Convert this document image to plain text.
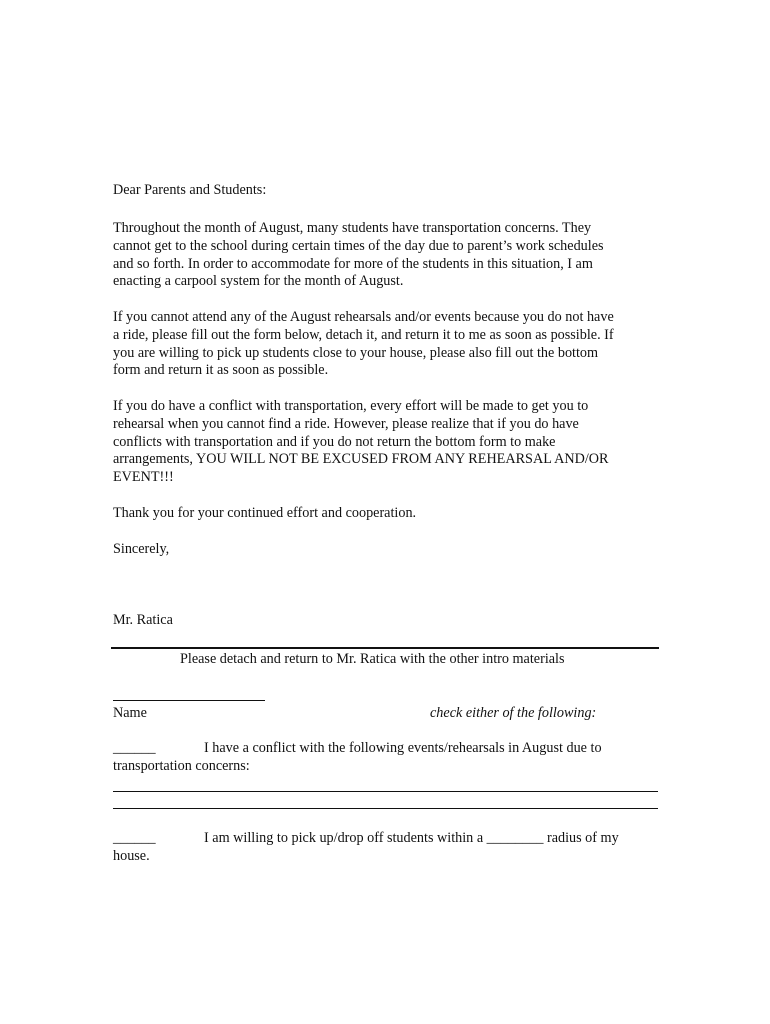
Dear Parents and Students:
Throughout the month of August, many students have transportation concerns. They
cannot get to the school during certain times of the day due to parent’s work schedules
and so forth. In order to accommodate for more of the students in this situation, I am
enacting a carpool system for the month of August.
If you cannot attend any of the August rehearsals and/or events because you do not have
a ride, please fill out the form below, detach it, and return it to me as soon as possible. If
you are willing to pick up students close to your house, please also fill out the bottom
form and return it as soon as possible.
If you do have a conflict with transportation, every effort will be made to get you to
rehearsal when you cannot find a ride. However, please realize that if you do have
conflicts with transportation and if you do not return the bottom form to make
arrangements, YOU WILL NOT BE EXCUSED FROM ANY REHEARSAL AND/OR
EVENT!!!
Thank you for your continued effort and cooperation.
Sincerely,
Mr. Ratica
Please detach and return to Mr. Ratica with the other intro materials
Name	check either of the following:
______	I have a conflict with the following events/rehearsals in August due to
transportation concerns:
______	I am willing to pick up/drop off students within a ________ radius of my
house.
